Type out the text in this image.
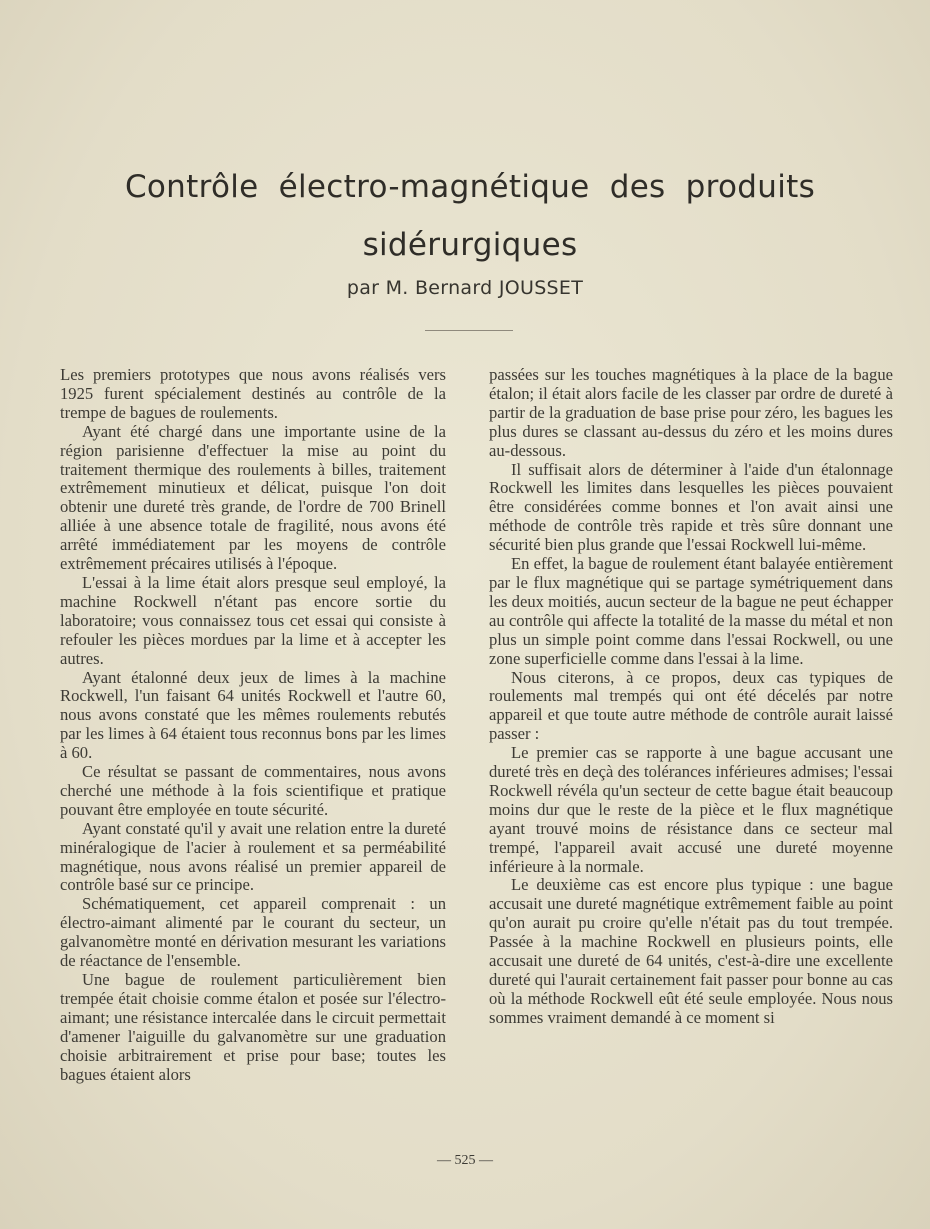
Contrôle électro-magnétique des produits sidérurgiques
par M. Bernard JOUSSET

Les premiers prototypes que nous avons réalisés vers 1925 furent spécialement destinés au contrôle de la trempe de bagues de roulements.

Ayant été chargé dans une importante usine de la région parisienne d'effectuer la mise au point du traitement thermique des roulements à billes, traitement extrêmement minutieux et délicat, puisque l'on doit obtenir une dureté très grande, de l'ordre de 700 Brinell alliée à une absence totale de fragilité, nous avons été arrêté immédiatement par les moyens de contrôle extrêmement précaires utilisés à l'époque.

L'essai à la lime était alors presque seul employé, la machine Rockwell n'étant pas encore sortie du laboratoire; vous connaissez tous cet essai qui consiste à refouler les pièces mordues par la lime et à accepter les autres.

Ayant étalonné deux jeux de limes à la machine Rockwell, l'un faisant 64 unités Rockwell et l'autre 60, nous avons constaté que les mêmes roulements rebutés par les limes à 64 étaient tous reconnus bons par les limes à 60.

Ce résultat se passant de commentaires, nous avons cherché une méthode à la fois scientifique et pratique pouvant être employée en toute sécurité.

Ayant constaté qu'il y avait une relation entre la dureté minéralogique de l'acier à roulement et sa perméabilité magnétique, nous avons réalisé un premier appareil de contrôle basé sur ce principe.

Schématiquement, cet appareil comprenait : un électro-aimant alimenté par le courant du secteur, un galvanomètre monté en dérivation mesurant les variations de réactance de l'ensemble.

Une bague de roulement particulièrement bien trempée était choisie comme étalon et posée sur l'électro-aimant; une résistance intercalée dans le circuit permettait d'amener l'aiguille du galvanomètre sur une graduation choisie arbitrairement et prise pour base; toutes les bagues étaient alors

passées sur les touches magnétiques à la place de la bague étalon; il était alors facile de les classer par ordre de dureté à partir de la graduation de base prise pour zéro, les bagues les plus dures se classant au-dessus du zéro et les moins dures au-dessous.

Il suffisait alors de déterminer à l'aide d'un étalonnage Rockwell les limites dans lesquelles les pièces pouvaient être considérées comme bonnes et l'on avait ainsi une méthode de contrôle très rapide et très sûre donnant une sécurité bien plus grande que l'essai Rockwell lui-même.

En effet, la bague de roulement étant balayée entièrement par le flux magnétique qui se partage symétriquement dans les deux moitiés, aucun secteur de la bague ne peut échapper au contrôle qui affecte la totalité de la masse du métal et non plus un simple point comme dans l'essai Rockwell, ou une zone superficielle comme dans l'essai à la lime.

Nous citerons, à ce propos, deux cas typiques de roulements mal trempés qui ont été décelés par notre appareil et que toute autre méthode de contrôle aurait laissé passer :

Le premier cas se rapporte à une bague accusant une dureté très en deçà des tolérances inférieures admises; l'essai Rockwell révéla qu'un secteur de cette bague était beaucoup moins dur que le reste de la pièce et le flux magnétique ayant trouvé moins de résistance dans ce secteur mal trempé, l'appareil avait accusé une dureté moyenne inférieure à la normale.

Le deuxième cas est encore plus typique : une bague accusait une dureté magnétique extrêmement faible au point qu'on aurait pu croire qu'elle n'était pas du tout trempée. Passée à la machine Rockwell en plusieurs points, elle accusait une dureté de 64 unités, c'est-à-dire une excellente dureté qui l'aurait certainement fait passer pour bonne au cas où la méthode Rockwell eût été seule employée. Nous nous sommes vraiment demandé à ce moment si

— 525 —
